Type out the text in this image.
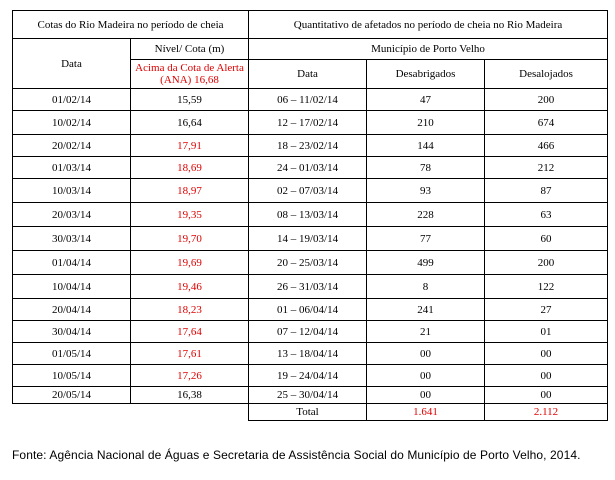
Cotas do Rio Madeira no período de cheia		Quantitativo de afetados no período de cheia no Rio Madeira		
Data	Nível/ Cota (m)	Município de Porto Velho		
	Acima da Cota de Alerta (ANA) 16,68	Data	Desabrigados	Desalojados
01/02/14	15,59	06 – 11/02/14	47	200
10/02/14	16,64	12 – 17/02/14	210	674
20/02/14	17,91	18 – 23/02/14	144	466
01/03/14	18,69	24 – 01/03/14	78	212
10/03/14	18,97	02 – 07/03/14	93	87
20/03/14	19,35	08 – 13/03/14	228	63
30/03/14	19,70	14 – 19/03/14	77	60
01/04/14	19,69	20 – 25/03/14	499	200
10/04/14	19,46	26 – 31/03/14	8	122
20/04/14	18,23	01 – 06/04/14	241	27
30/04/14	17,64	07 – 12/04/14	21	01
01/05/14	17,61	13 – 18/04/14	00	00
10/05/14	17,26	19 – 24/04/14	00	00
20/05/14	16,38	25 – 30/04/14	00	00
		Total	1.641	2.112
Fonte: Agência Nacional de Águas e Secretaria de Assistência Social do Município de Porto Velho, 2014.
